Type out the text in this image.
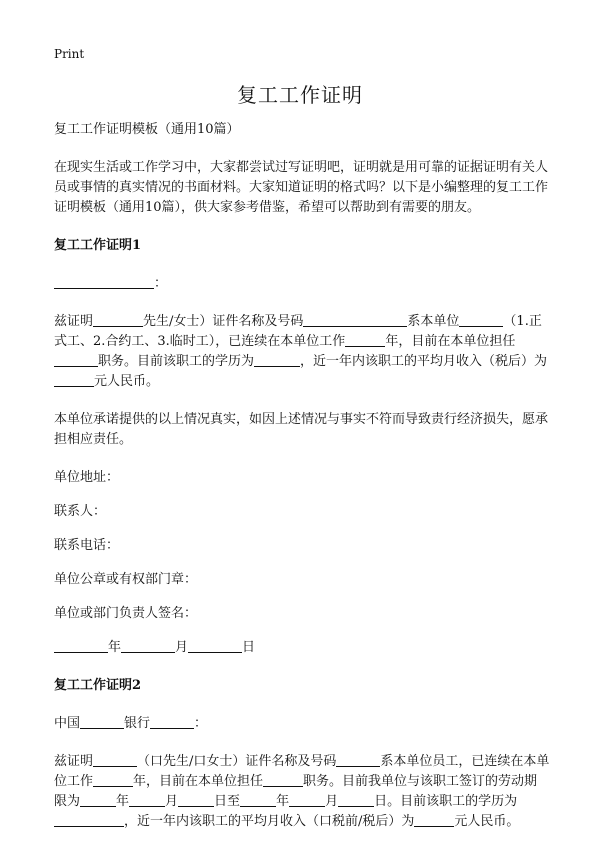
Print
复工工作证明

复工工作证明模板（通用10篇）

在现实生活或工作学习中，大家都尝试过写证明吧，证明就是用可靠的证据证明有关人员或事情的真实情况的书面材料。大家知道证明的格式吗？以下是小编整理的复工工作证明模板（通用10篇），供大家参考借鉴，希望可以帮助到有需要的朋友。

复工工作证明1

：

兹证明	先生/女士）证件名称及号码	系本单位	（1.正式工、2.合约工、3.临时工），已连续在本单位工作	年，目前在本单位担任职务。目前该职工的学历为	，近一年内该职工的平均月收入（税后）为元人民币。

本单位承诺提供的以上情况真实，如因上述情况与事实不符而导致责行经济损失，愿承担相应责任。

单位地址：

联系人：

联系电话：

单位公章或有权部门章：

单位或部门负责人签名：

年	月	日

复工工作证明2

中国	银行	：

兹证明	（口先生/口女士）证件名称及号码	系本单位员工，已连续在本单位工作	年，目前在本单位担任	职务。目前我单位与该职工签订的劳动期限为	年	月	日至	年	月	日。目前该职工的学历为，近一年内该职工的平均月收入（口税前/税后）为	元人民币。
